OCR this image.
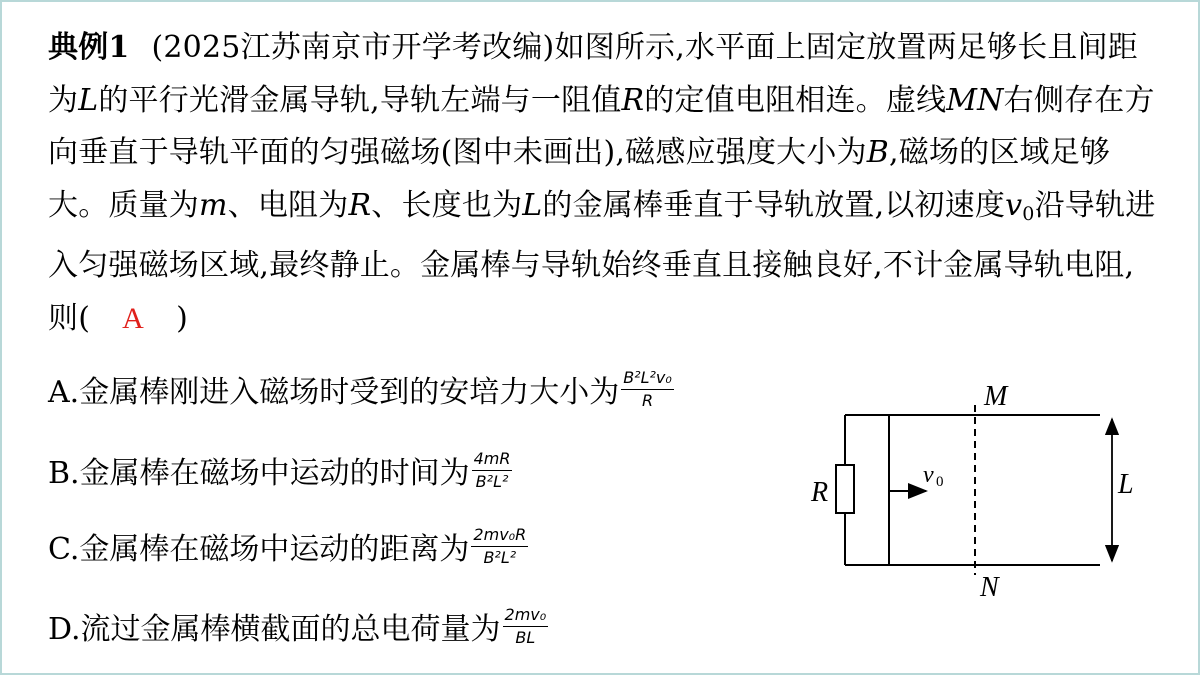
典例1 (2025江苏南京市开学考改编)如图所示,水平面上固定放置两足够长且间距为L的平行光滑金属导轨,导轨左端与一阻值R的定值电阻相连。虚线MN右侧存在方向垂直于导轨平面的匀强磁场(图中未画出),磁感应强度大小为B,磁场的区域足够大。质量为m、电阻为R、长度也为L的金属棒垂直于导轨放置,以初速度$v_0$沿导轨进入匀强磁场区域,最终静止。金属棒与导轨始终垂直且接触良好,不计金属导轨电阻,则( A )
A.金属棒刚进入磁场时受到的安培力大小为 $\frac{\text{B²L²v₀}}{R}$
B.金属棒在磁场中运动的时间为 $\frac{4mR}{\text{B²L²}}$
C.金属棒在磁场中运动的距离为 $\frac{\text{2mv₀R}}{\text{B²L²}}$
D.流过金属棒横截面的总电荷量为 $\frac{\text{2mv₀}}{BL}$
M
N
R	L
v 0
